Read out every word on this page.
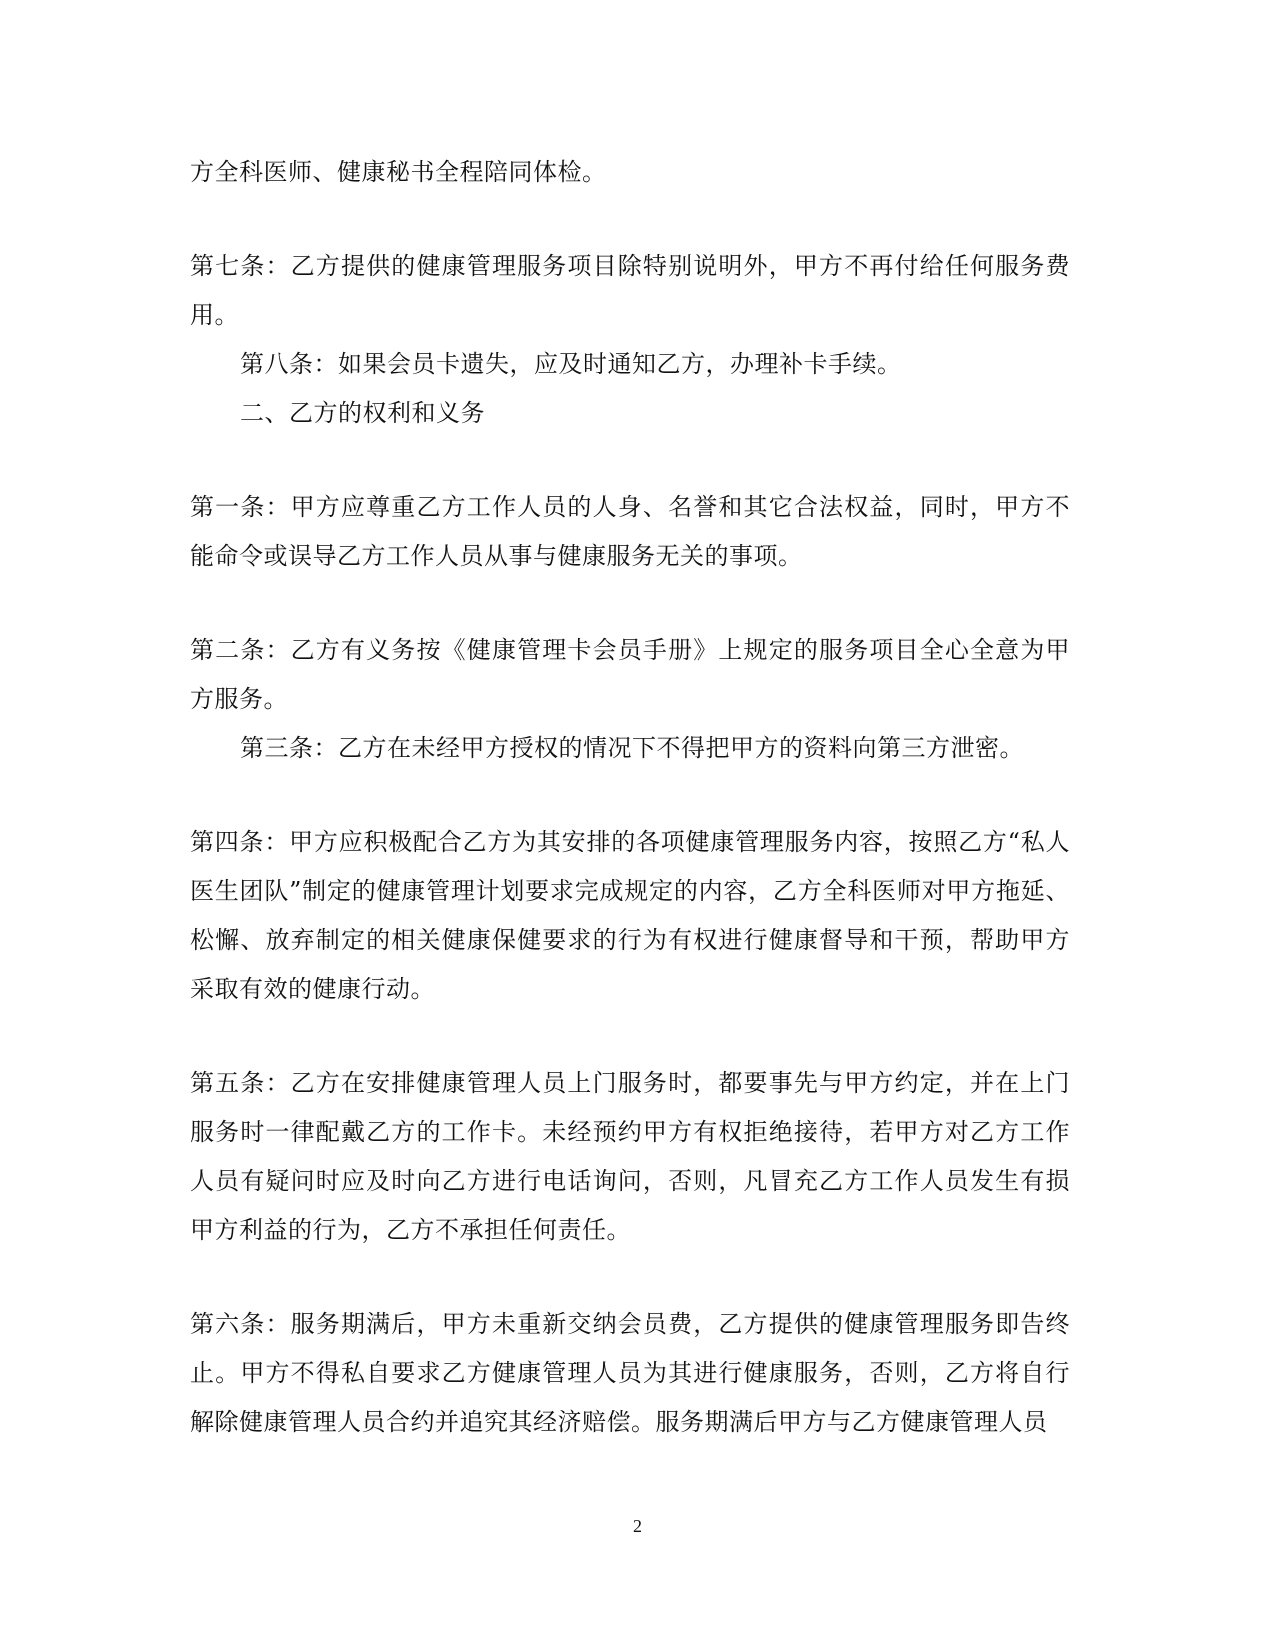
方全科医师、健康秘书全程陪同体检。

第七条：乙方提供的健康管理服务项目除特别说明外，甲方不再付给任何服务费用。

第八条：如果会员卡遗失，应及时通知乙方，办理补卡手续。

二、乙方的权利和义务

第一条：甲方应尊重乙方工作人员的人身、名誉和其它合法权益，同时，甲方不能命令或误导乙方工作人员从事与健康服务无关的事项。

第二条：乙方有义务按《健康管理卡会员手册》上规定的服务项目全心全意为甲方服务。

第三条：乙方在未经甲方授权的情况下不得把甲方的资料向第三方泄密。

第四条：甲方应积极配合乙方为其安排的各项健康管理服务内容，按照乙方“私人医生团队”制定的健康管理计划要求完成规定的内容，乙方全科医师对甲方拖延、松懈、放弃制定的相关健康保健要求的行为有权进行健康督导和干预，帮助甲方采取有效的健康行动。

第五条：乙方在安排健康管理人员上门服务时，都要事先与甲方约定，并在上门服务时一律配戴乙方的工作卡。未经预约甲方有权拒绝接待，若甲方对乙方工作人员有疑问时应及时向乙方进行电话询问，否则，凡冒充乙方工作人员发生有损甲方利益的行为，乙方不承担任何责任。

第六条：服务期满后，甲方未重新交纳会员费，乙方提供的健康管理服务即告终止。甲方不得私自要求乙方健康管理人员为其进行健康服务，否则，乙方将自行解除健康管理人员合约并追究其经济赔偿。服务期满后甲方与乙方健康管理人员

2
